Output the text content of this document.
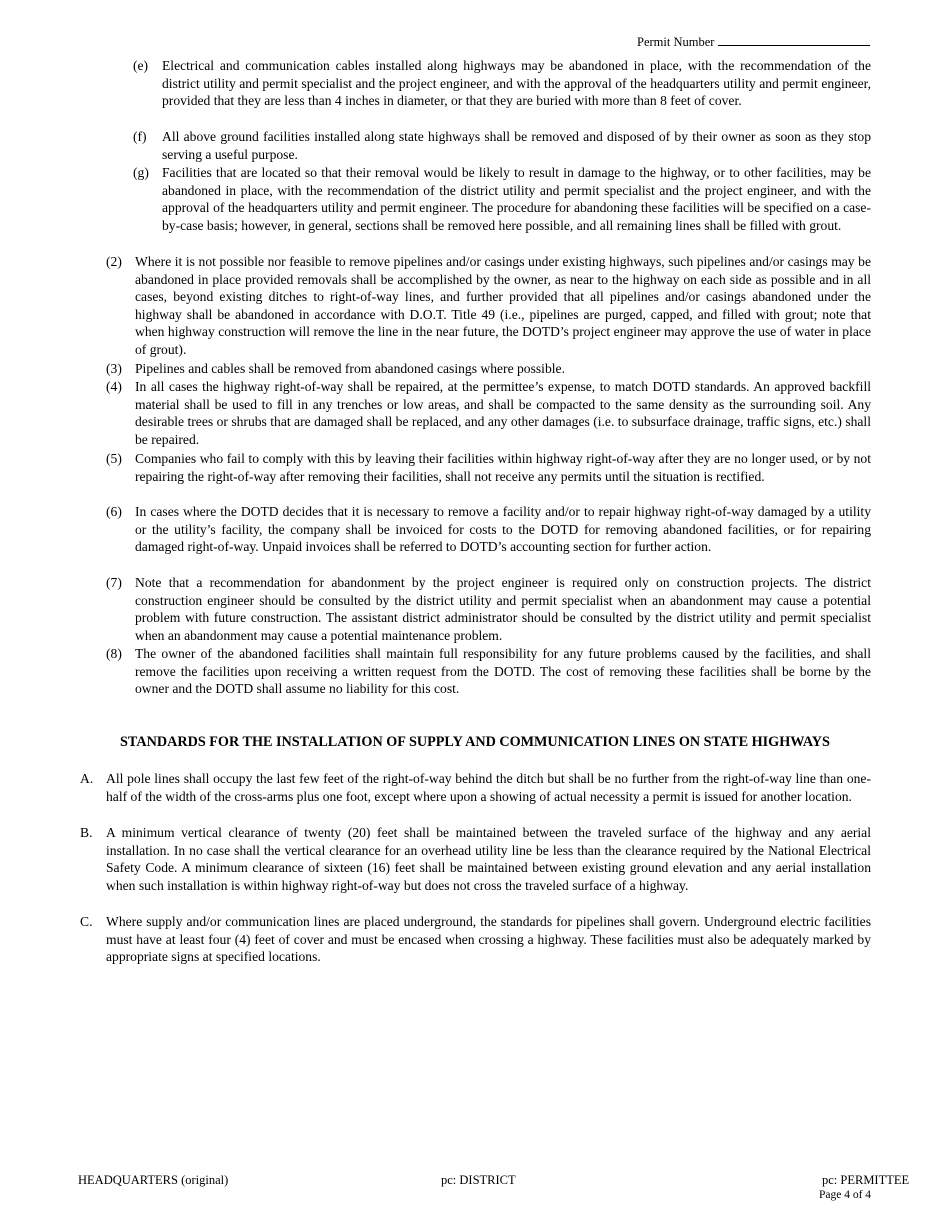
Permit Number
(e)	Electrical and communication cables installed along highways may be abandoned in place, with the recommendation of the district utility and permit specialist and the project engineer, and with the approval of the headquarters utility and permit engineer, provided that they are less than 4 inches in diameter, or that they are buried with more than 8 feet of cover.
(f)	All above ground facilities installed along state highways shall be removed and disposed of by their owner as soon as they stop serving a useful purpose.
(g) Facilities that are located so that their removal would be likely to result in damage to the highway, or to other facilities, may be abandoned in place, with the recommendation of the district utility and permit specialist and the project engineer, and with the approval of the headquarters utility and permit engineer. The procedure for abandoning these facilities will be specified on a case-by-case basis; however, in general, sections shall be removed here possible, and all remaining lines shall be filled with grout.
(2) Where it is not possible nor feasible to remove pipelines and/or casings under existing highways, such pipelines and/or casings may be abandoned in place provided removals shall be accomplished by the owner, as near to the highway on each side as possible and in all cases, beyond existing ditches to right-of-way lines, and further provided that all pipelines and/or casings abandoned under the highway shall be abandoned in accordance with D.O.T. Title 49 (i.e., pipelines are purged, capped, and filled with grout; note that when highway construction will remove the line in the near future, the DOTD’s project engineer may approve the use of water in place of grout).
(3) Pipelines and cables shall be removed from abandoned casings where possible.
(4) In all cases the highway right-of-way shall be repaired, at the permittee’s expense, to match DOTD standards. An approved backfill material shall be used to fill in any trenches or low areas, and shall be compacted to the same density as the surrounding soil. Any desirable trees or shrubs that are damaged shall be replaced, and any other damages (i.e. to subsurface drainage, traffic signs, etc.) shall be repaired.
(5) Companies who fail to comply with this by leaving their facilities within highway right-of-way after they are no longer used, or by not repairing the right-of-way after removing their facilities, shall not receive any permits until the situation is rectified.
(6) In cases where the DOTD decides that it is necessary to remove a facility and/or to repair highway right-of-way damaged by a utility or the utility’s facility, the company shall be invoiced for costs to the DOTD for removing abandoned facilities, or for repairing damaged right-of-way. Unpaid invoices shall be referred to DOTD’s accounting section for further action.
(7) Note that a recommendation for abandonment by the project engineer is required only on construction projects. The district construction engineer should be consulted by the district utility and permit specialist when an abandonment may cause a potential problem with future construction. The assistant district administrator should be consulted by the district utility and permit specialist when an abandonment may cause a potential maintenance problem.
(8) The owner of the abandoned facilities shall maintain full responsibility for any future problems caused by the facilities, and shall remove the facilities upon receiving a written request from the DOTD. The cost of removing these facilities shall be borne by the owner and the DOTD shall assume no liability for this cost.
STANDARDS FOR THE INSTALLATION OF SUPPLY AND COMMUNICATION LINES ON STATE HIGHWAYS
A. All pole lines shall occupy the last few feet of the right-of-way behind the ditch but shall be no further from the right-of-way line than one-half of the width of the cross-arms plus one foot, except where upon a showing of actual necessity a permit is issued for another location.
B. A minimum vertical clearance of twenty (20) feet shall be maintained between the traveled surface of the highway and any aerial installation. In no case shall the vertical clearance for an overhead utility line be less than the clearance required by the National Electrical Safety Code. A minimum clearance of sixteen (16) feet shall be maintained between existing ground elevation and any aerial installation when such installation is within highway right-of-way but does not cross the traveled surface of a highway.
C. Where supply and/or communication lines are placed underground, the standards for pipelines shall govern. Underground electric facilities must have at least four (4) feet of cover and must be encased when crossing a highway. These facilities must also be adequately marked by appropriate signs at specified locations.
HEADQUARTERS (original)	pc: DISTRICT	pc: PERMITTEE
Page 4 of 4
